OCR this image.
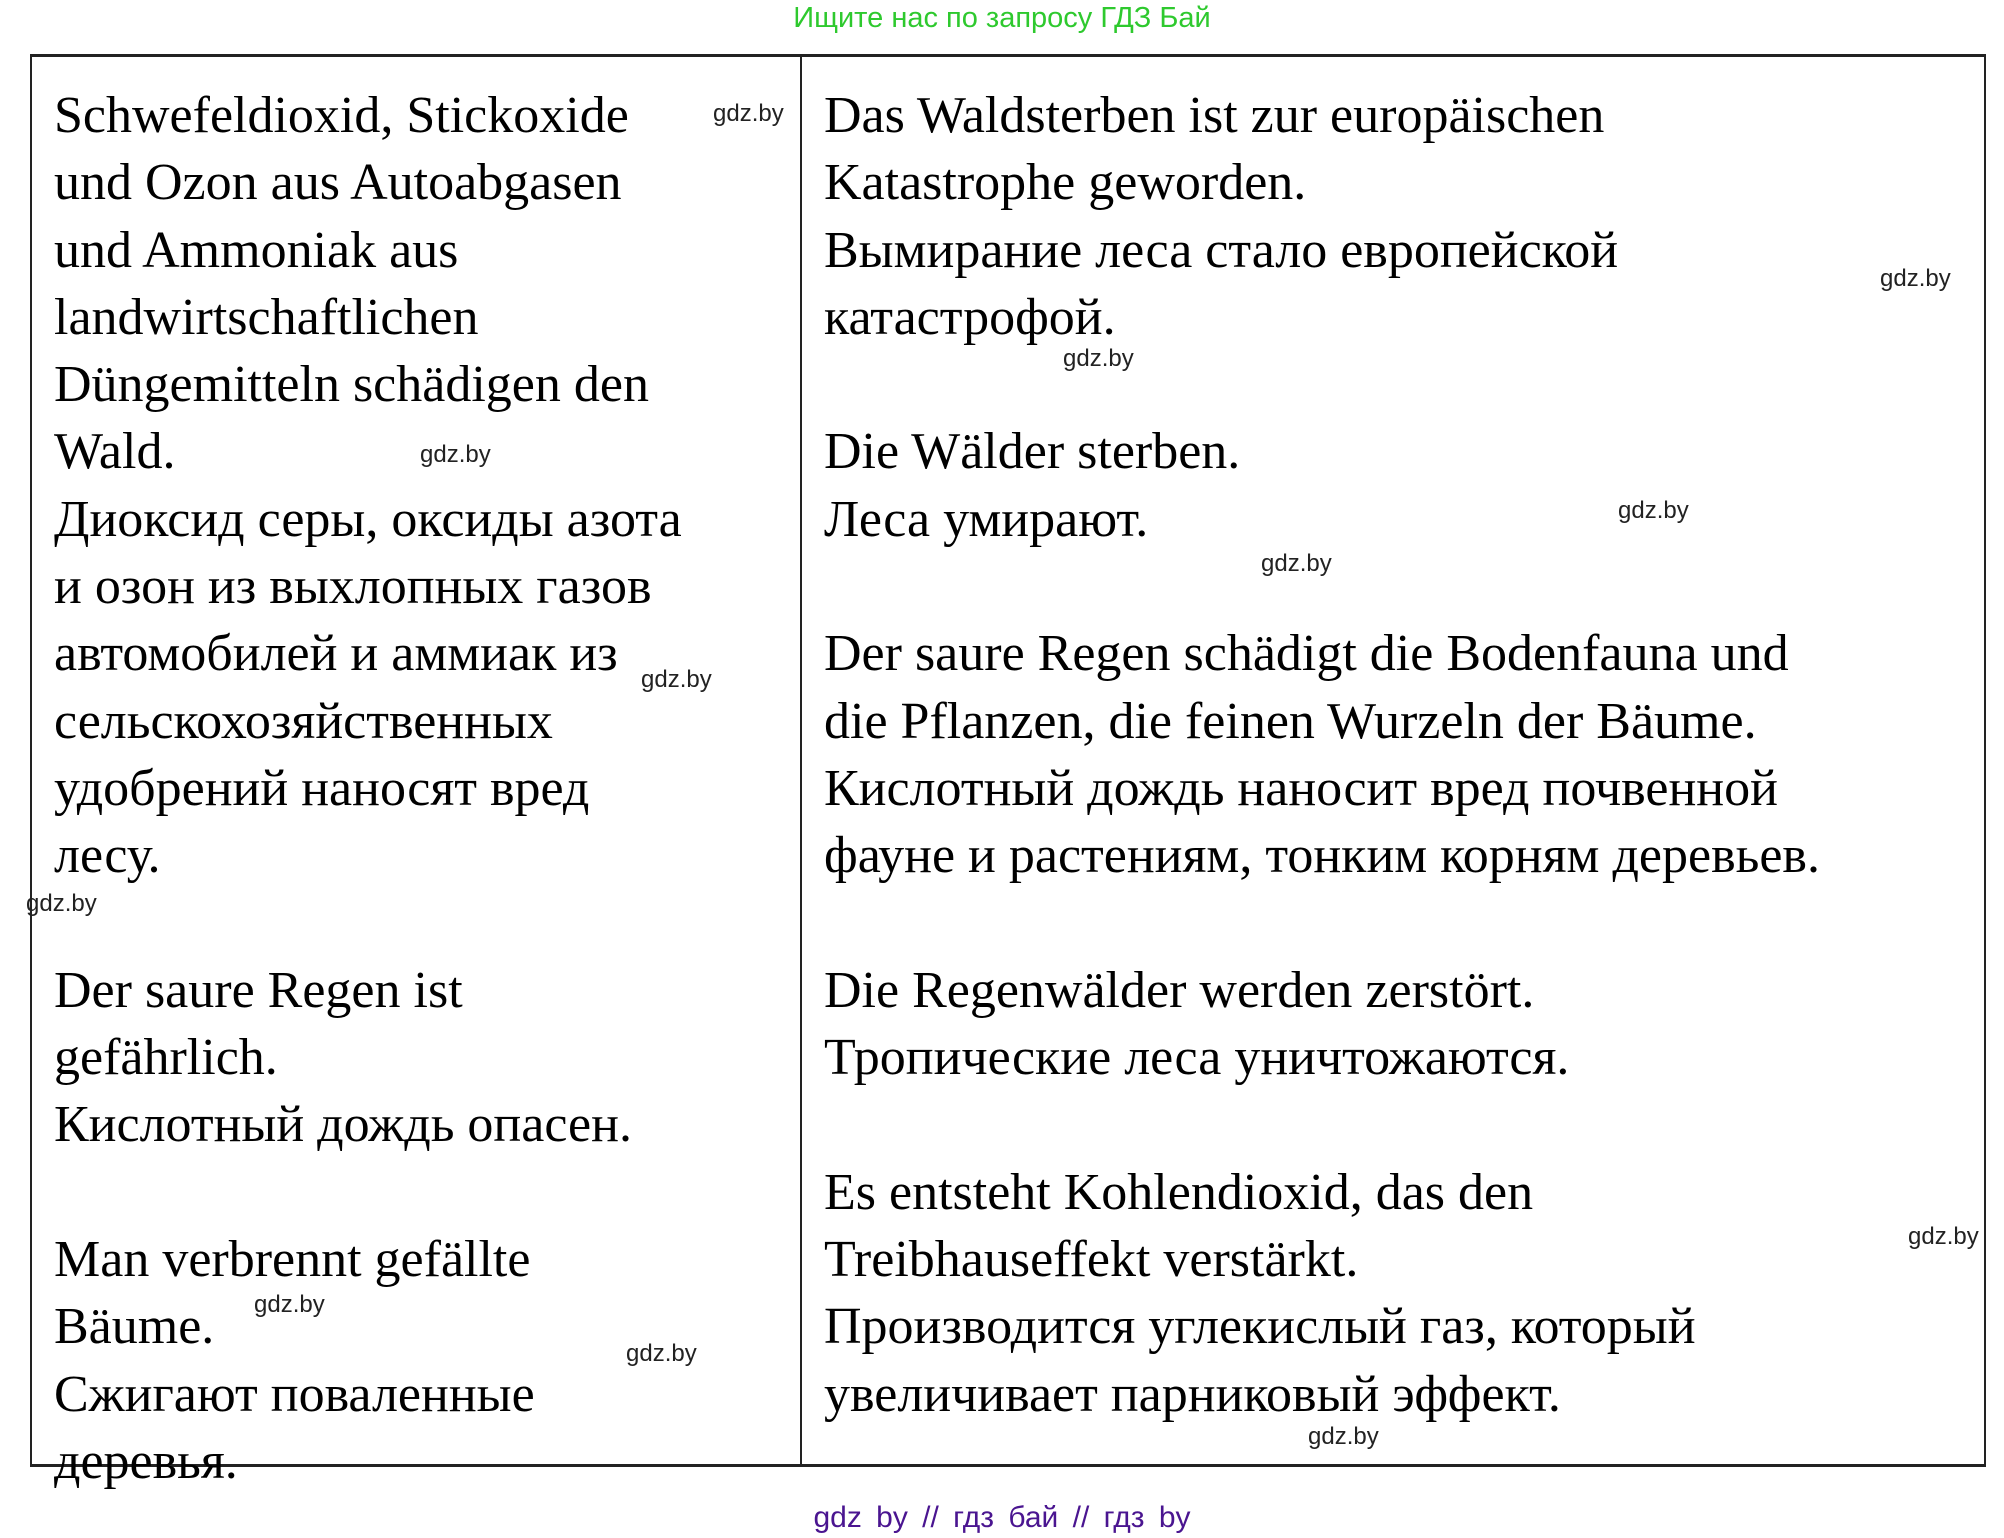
Ищите нас по запросу ГДЗ Бай
Schwefeldioxid, Stickoxide
und Ozon aus Autoabgasen
und Ammoniak aus
landwirtschaftlichen
Düngemitteln schädigen den
Wald.
Диоксид серы, оксиды азота
и озон из выхлопных газов
автомобилей и аммиак из
сельскохозяйственных
удобрений наносят вред
лесу.
Der saure Regen ist
gefährlich.
Кислотный дождь опасен.
Man verbrennt gefällte
Bäume.
Сжигают поваленные
деревья.
Das Waldsterben ist zur europäischen
Katastrophe geworden.
Вымирание леса стало европейской
катастрофой.
Die Wälder sterben.
Леса умирают.
Der saure Regen schädigt die Bodenfauna und
die Pflanzen, die feinen Wurzeln der Bäume.
Кислотный дождь наносит вред почвенной
фауне и растениям, тонким корням деревьев.
Die Regenwälder werden zerstört.
Тропические леса уничтожаются.
Es entsteht Kohlendioxid, das den
Treibhauseffekt verstärkt.
Производится углекислый газ, который
увеличивает парниковый эффект.
gdz.by
gdz.by
gdz.by
gdz.by
gdz.by
gdz.by
gdz.by
gdz.by
gdz.by
gdz.by
gdz.by
gdz.by
gdz by // гдз бай // гдз by
